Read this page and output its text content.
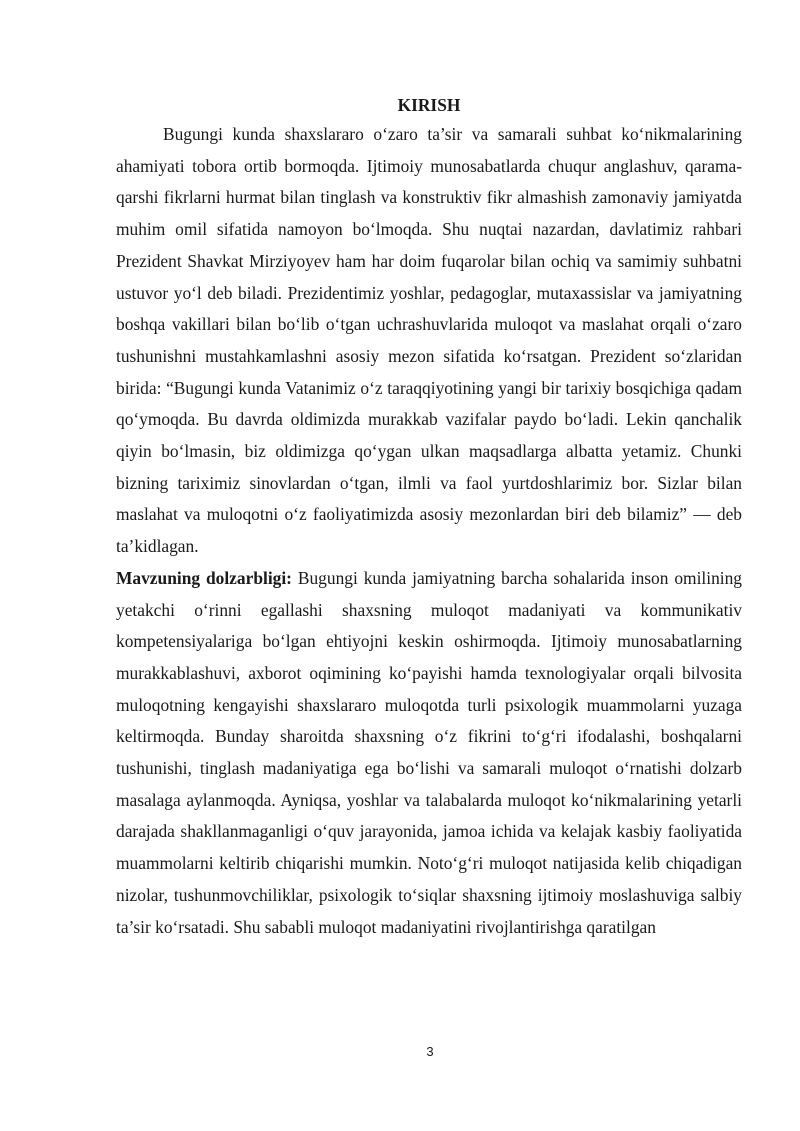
KIRISH

Bugungi kunda shaxslararo o‘zaro ta’sir va samarali suhbat ko‘nikmalarining ahamiyati tobora ortib bormoqda. Ijtimoiy munosabatlarda chuqur anglashuv, qarama-qarshi fikrlarni hurmat bilan tinglash va konstruktiv fikr almashish zamonaviy jamiyatda muhim omil sifatida namoyon bo‘lmoqda. Shu nuqtai nazardan, davlatimiz rahbari Prezident Shavkat Mirziyoyev ham har doim fuqarolar bilan ochiq va samimiy suhbatni ustuvor yo‘l deb biladi. Prezidentimiz yoshlar, pedagoglar, mutaxassislar va jamiyatning boshqa vakillari bilan bo‘lib o‘tgan uchrashuvlarida muloqot va maslahat orqali o‘zaro tushunishni mustahkamlashni asosiy mezon sifatida ko‘rsatgan. Prezident so‘zlaridan birida: “Bugungi kunda Vatanimiz o‘z taraqqiyotining yangi bir tarixiy bosqichiga qadam qo‘ymoqda. Bu davrda oldimizda murakkab vazifalar paydo bo‘ladi. Lekin qanchalik qiyin bo‘lmasin, biz oldimizga qo‘ygan ulkan maqsadlarga albatta yetamiz. Chunki bizning tariximiz sinovlardan o‘tgan, ilmli va faol yurtdoshlarimiz bor. Sizlar bilan maslahat va muloqotni o‘z faoliyatimizda asosiy mezonlardan biri deb bilamiz” — deb ta’kidlagan.

Mavzuning dolzarbligi: Bugungi kunda jamiyatning barcha sohalarida inson omilining yetakchi o‘rinni egallashi shaxsning muloqot madaniyati va kommunikativ kompetensiyalariga bo‘lgan ehtiyojni keskin oshirmoqda. Ijtimoiy munosabatlarning murakkablashuvi, axborot oqimining ko‘payishi hamda texnologiyalar orqali bilvosita muloqotning kengayishi shaxslararo muloqotda turli psixologik muammolarni yuzaga keltirmoqda. Bunday sharoitda shaxsning o‘z fikrini to‘g‘ri ifodalashi, boshqalarni tushunishi, tinglash madaniyatiga ega bo‘lishi va samarali muloqot o‘rnatishi dolzarb masalaga aylanmoqda. Ayniqsa, yoshlar va talabalarda muloqot ko‘nikmalarining yetarli darajada shakllanmaganligi o‘quv jarayonida, jamoa ichida va kelajak kasbiy faoliyatida muammolarni keltirib chiqarishi mumkin. Noto‘g‘ri muloqot natijasida kelib chiqadigan nizolar, tushunmovchiliklar, psixologik to‘siqlar shaxsning ijtimoiy moslashuviga salbiy ta’sir ko‘rsatadi. Shu sababli muloqot madaniyatini rivojlantirishga qaratilgan

3
